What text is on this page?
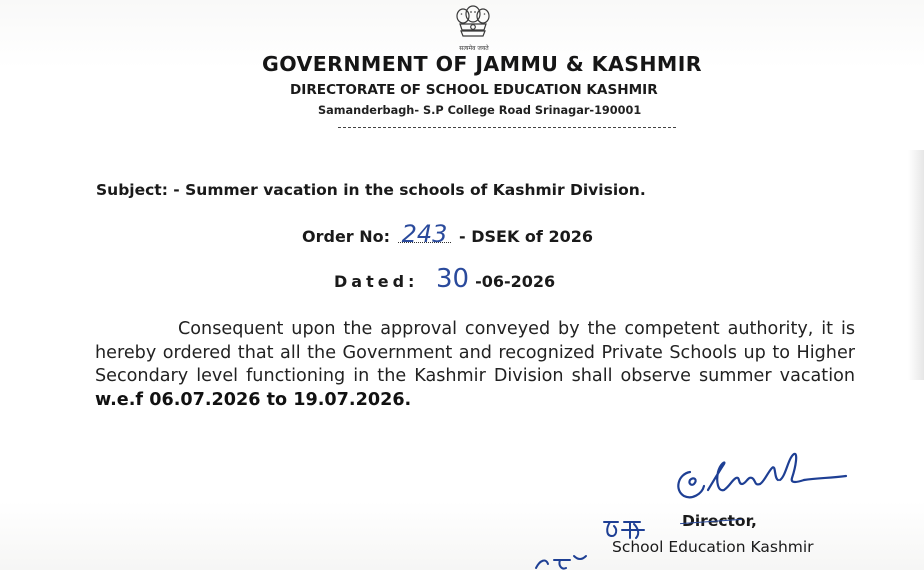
सत्यमेव जयते
GOVERNMENT OF JAMMU & KASHMIR
DIRECTORATE OF SCHOOL EDUCATION KASHMIR
Samanderbagh- S.P College Road Srinagar-190001
Subject: - Summer vacation in the schools of Kashmir Division.
Order No: 243 - DSEK of 2026
Dated: 30 -06-2026
Consequent upon the approval conveyed by the competent authority, it is hereby ordered that all the Government and recognized Private Schools up to Higher Secondary level functioning in the Kashmir Division shall observe summer vacation w.e.f 06.07.2026 to 19.07.2026.
Director,
School Education Kashmir
